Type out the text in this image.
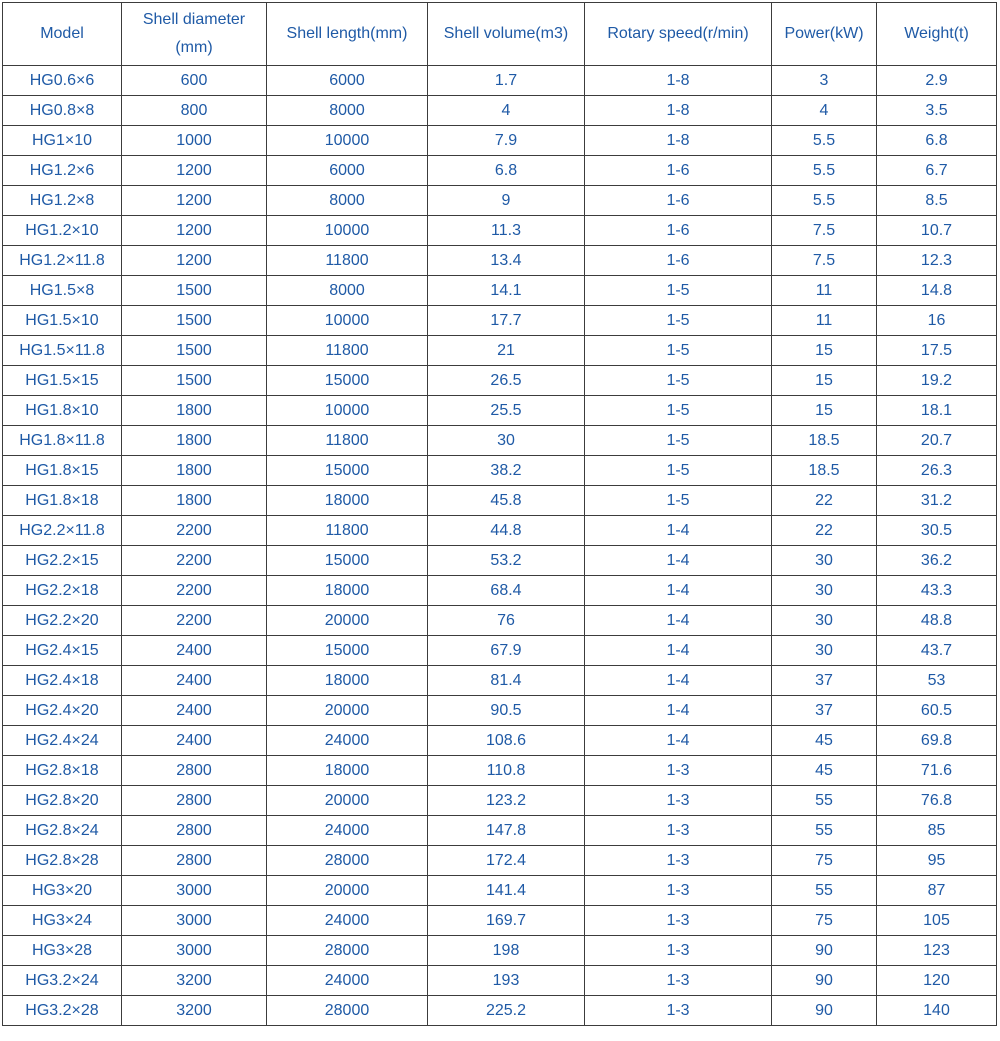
Model	Shell diameter (mm)	Shell length(mm)	Shell volume(m3)	Rotary speed(r/min)	Power(kW)	Weight(t)
HG0.6×6	600	6000	1.7	1-8	3	2.9
HG0.8×8	800	8000	4	1-8	4	3.5
HG1×10	1000	10000	7.9	1-8	5.5	6.8
HG1.2×6	1200	6000	6.8	1-6	5.5	6.7
HG1.2×8	1200	8000	9	1-6	5.5	8.5
HG1.2×10	1200	10000	11.3	1-6	7.5	10.7
HG1.2×11.8	1200	11800	13.4	1-6	7.5	12.3
HG1.5×8	1500	8000	14.1	1-5	11	14.8
HG1.5×10	1500	10000	17.7	1-5	11	16
HG1.5×11.8	1500	11800	21	1-5	15	17.5
HG1.5×15	1500	15000	26.5	1-5	15	19.2
HG1.8×10	1800	10000	25.5	1-5	15	18.1
HG1.8×11.8	1800	11800	30	1-5	18.5	20.7
HG1.8×15	1800	15000	38.2	1-5	18.5	26.3
HG1.8×18	1800	18000	45.8	1-5	22	31.2
HG2.2×11.8	2200	11800	44.8	1-4	22	30.5
HG2.2×15	2200	15000	53.2	1-4	30	36.2
HG2.2×18	2200	18000	68.4	1-4	30	43.3
HG2.2×20	2200	20000	76	1-4	30	48.8
HG2.4×15	2400	15000	67.9	1-4	30	43.7
HG2.4×18	2400	18000	81.4	1-4	37	53
HG2.4×20	2400	20000	90.5	1-4	37	60.5
HG2.4×24	2400	24000	108.6	1-4	45	69.8
HG2.8×18	2800	18000	110.8	1-3	45	71.6
HG2.8×20	2800	20000	123.2	1-3	55	76.8
HG2.8×24	2800	24000	147.8	1-3	55	85
HG2.8×28	2800	28000	172.4	1-3	75	95
HG3×20	3000	20000	141.4	1-3	55	87
HG3×24	3000	24000	169.7	1-3	75	105
HG3×28	3000	28000	198	1-3	90	123
HG3.2×24	3200	24000	193	1-3	90	120
HG3.2×28	3200	28000	225.2	1-3	90	140
